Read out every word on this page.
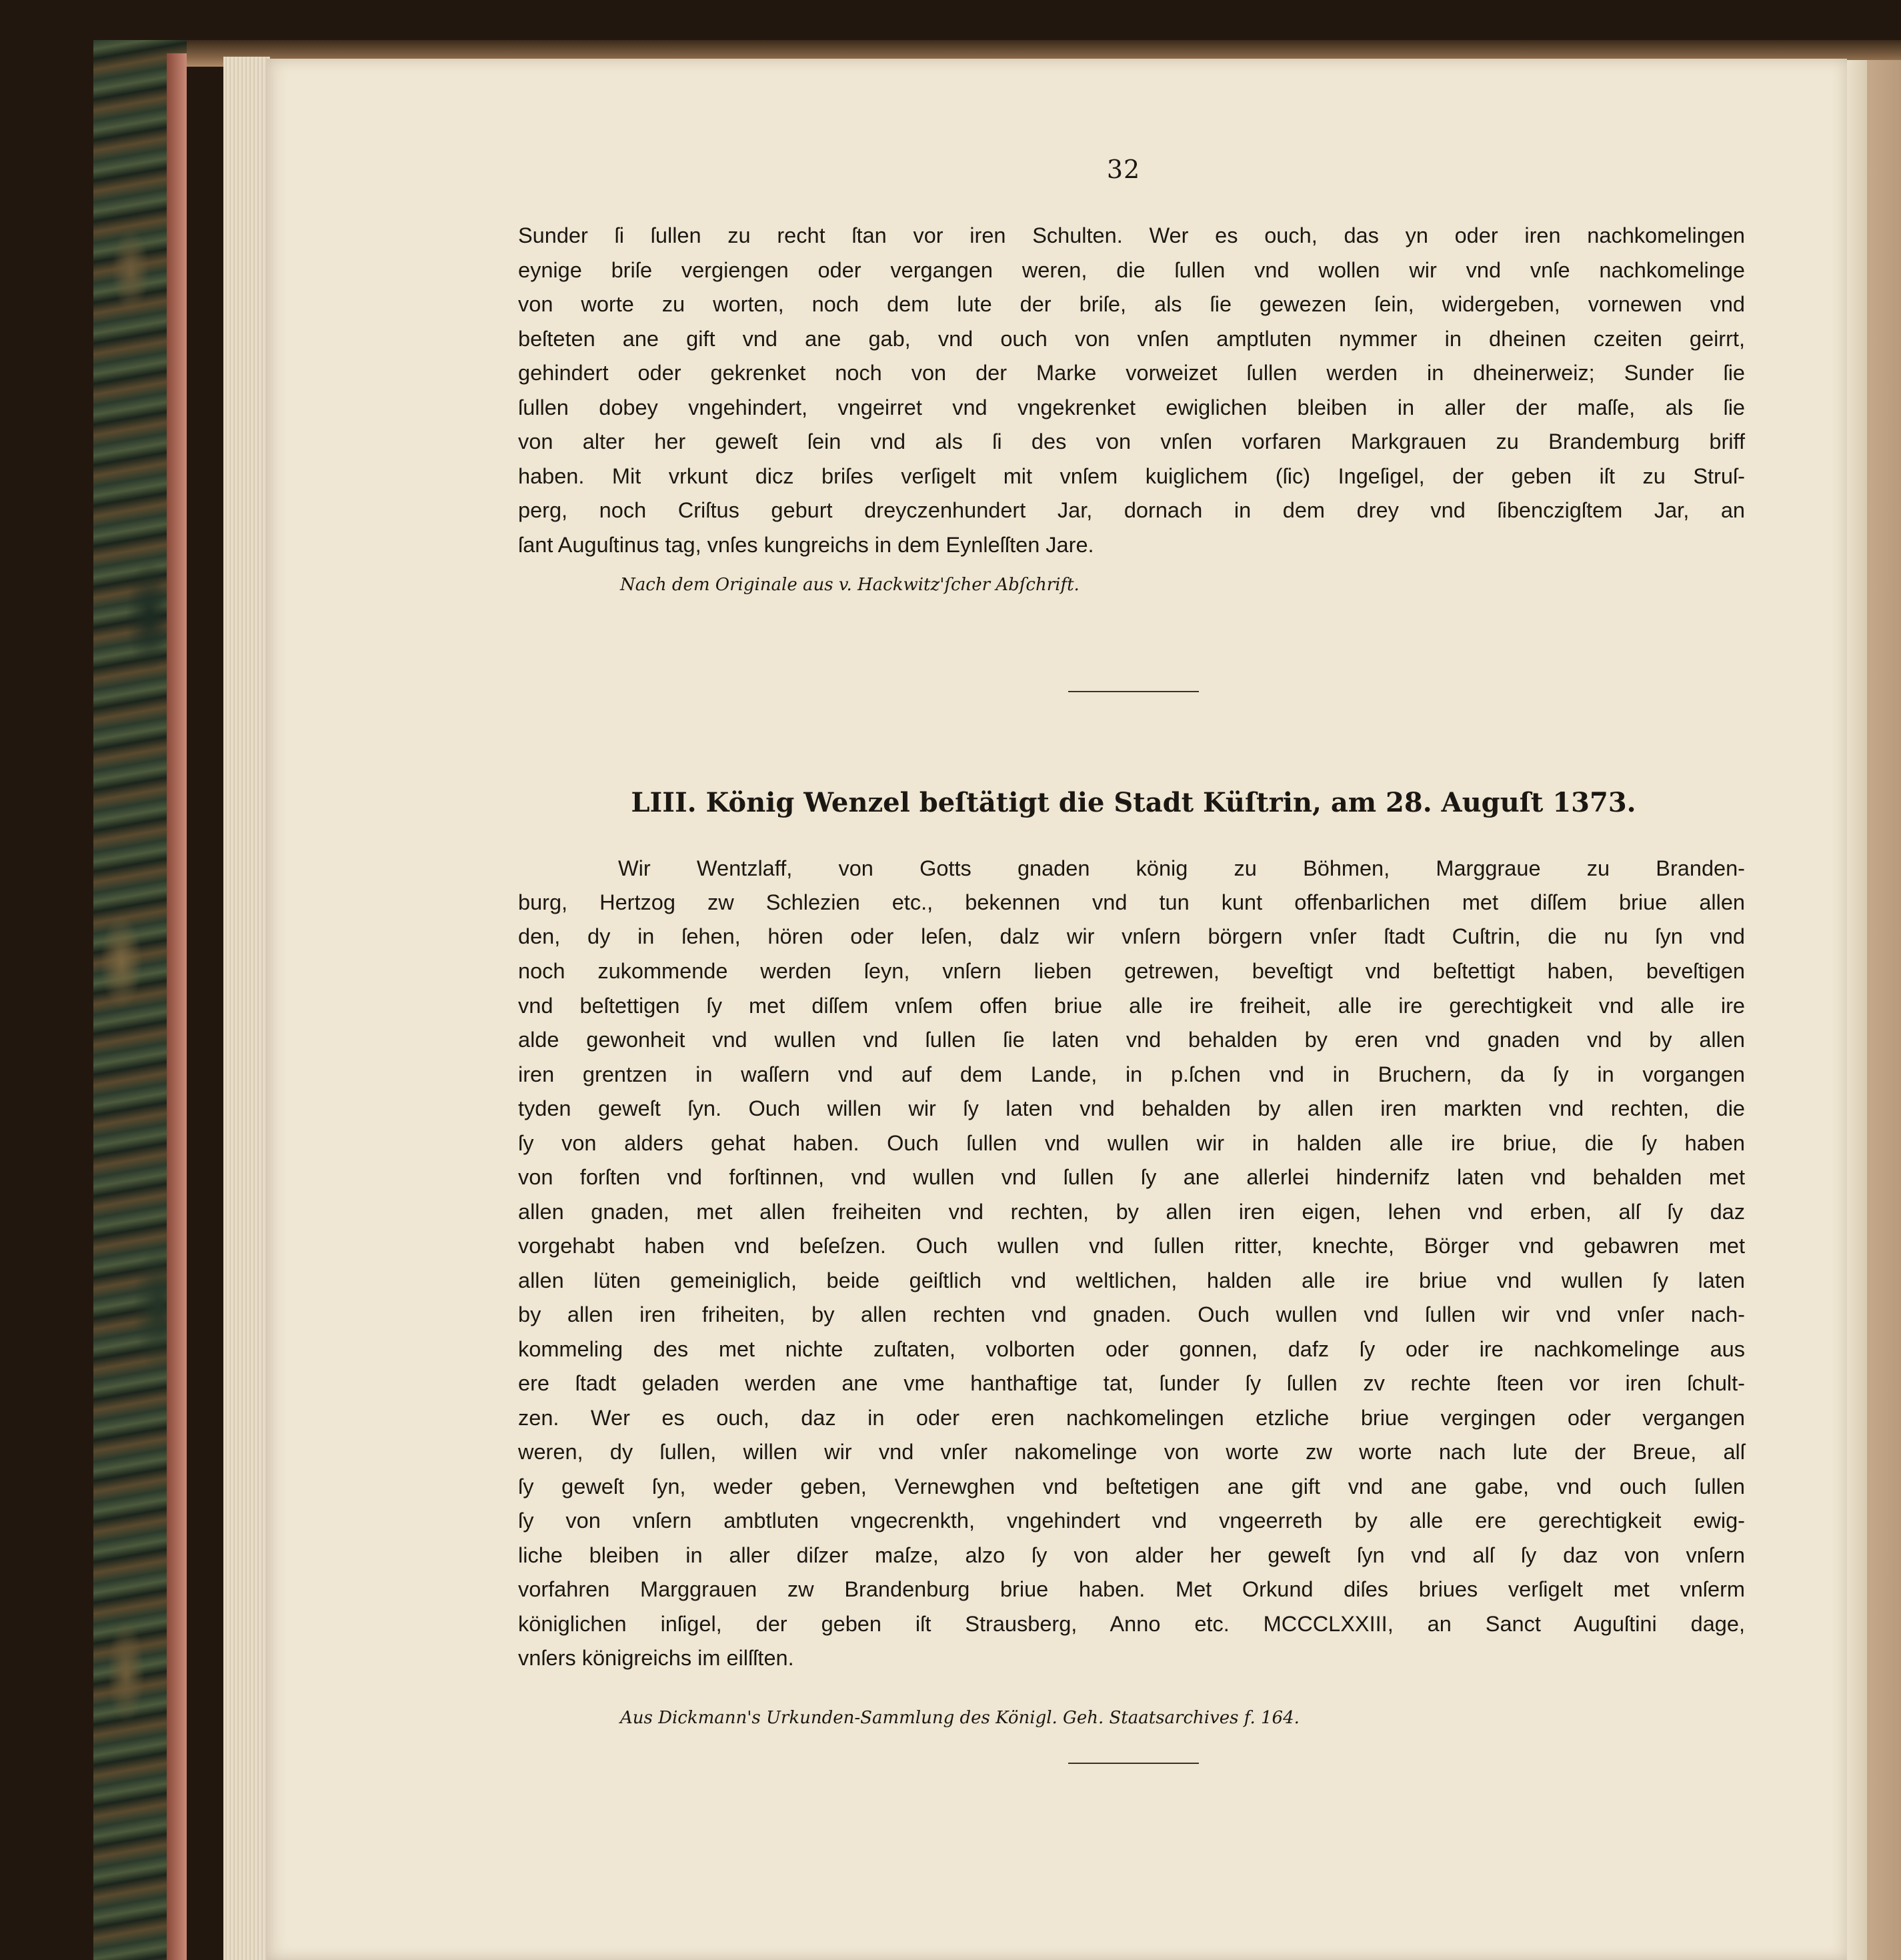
32
Sunder ſi ſullen zu recht ſtan vor iren Schulten. Wer es ouch, das yn oder iren nachkomelingen
eynige briſe vergiengen oder vergangen weren, die ſullen vnd wollen wir vnd vnſe nachkomelinge
von worte zu worten, noch dem lute der briſe, als ſie gewezen ſein, widergeben, vornewen vnd
beſteten ane gift vnd ane gab, vnd ouch von vnſen amptluten nymmer in dheinen czeiten geirrt,
gehindert oder gekrenket noch von der Marke vorweizet ſullen werden in dheinerweiz; Sunder ſie
ſullen dobey vngehindert, vngeirret vnd vngekrenket ewiglichen bleiben in aller der maſſe, als ſie
von alter her geweſt ſein vnd als ſi des von vnſen vorfaren Markgrauen zu Brandemburg briff
haben. Mit vrkunt dicz briſes verſigelt mit vnſem kuiglichem (ſic) Ingeſigel, der geben iſt zu Struſ-
perg, noch Criſtus geburt dreyczenhundert Jar, dornach in dem drey vnd ſibenczigſtem Jar, an
ſant Auguſtinus tag, vnſes kungreichs in dem Eynleſſten Jare.
Nach dem Originale aus v. Hackwitz'ſcher Abſchrift.
LIII. König Wenzel beſtätigt die Stadt Küſtrin, am 28. Auguſt 1373.
Wir Wentzlaff, von Gotts gnaden könig zu Böhmen, Marggraue zu Branden-
burg, Hertzog zw Schlezien etc., bekennen vnd tun kunt offenbarlichen met diſſem briue allen
den, dy in ſehen, hören oder leſen, dalz wir vnſern börgern vnſer ſtadt Cuſtrin, die nu ſyn vnd
noch zukommende werden ſeyn, vnſern lieben getrewen, beveſtigt vnd beſtettigt haben, beveſtigen
vnd beſtettigen ſy met diſſem vnſem offen briue alle ire freiheit, alle ire gerechtigkeit vnd alle ire
alde gewonheit vnd wullen vnd ſullen ſie laten vnd behalden by eren vnd gnaden vnd by allen
iren grentzen in waſſern vnd auf dem Lande, in p.ſchen vnd in Bruchern, da ſy in vorgangen
tyden geweſt ſyn. Ouch willen wir ſy laten vnd behalden by allen iren markten vnd rechten, die
ſy von alders gehat haben. Ouch ſullen vnd wullen wir in halden alle ire briue, die ſy haben
von forſten vnd forſtinnen, vnd wullen vnd ſullen ſy ane allerlei hindernifz laten vnd behalden met
allen gnaden, met allen freiheiten vnd rechten, by allen iren eigen, lehen vnd erben, alſ ſy daz
vorgehabt haben vnd beſeſzen. Ouch wullen vnd ſullen ritter, knechte, Börger vnd gebawren met
allen lüten gemeiniglich, beide geiſtlich vnd weltlichen, halden alle ire briue vnd wullen ſy laten
by allen iren friheiten, by allen rechten vnd gnaden. Ouch wullen vnd ſullen wir vnd vnſer nach-
kommeling des met nichte zuſtaten, volborten oder gonnen, dafz ſy oder ire nachkomelinge aus
ere ſtadt geladen werden ane vme hanthaftige tat, ſunder ſy ſullen zv rechte ſteen vor iren ſchult-
zen. Wer es ouch, daz in oder eren nachkomelingen etzliche briue vergingen oder vergangen
weren, dy ſullen, willen wir vnd vnſer nakomelinge von worte zw worte nach lute der Breue, alſ
ſy geweſt ſyn, weder geben, Vernewghen vnd beſtetigen ane gift vnd ane gabe, vnd ouch ſullen
ſy von vnſern ambtluten vngecrenkth, vngehindert vnd vngeerreth by alle ere gerechtigkeit ewig-
liche bleiben in aller diſzer maſze, alzo ſy von alder her geweſt ſyn vnd alſ ſy daz von vnſern
vorfahren Marggrauen zw Brandenburg briue haben. Met Orkund diſes briues verſigelt met vnſerm
königlichen inſigel, der geben iſt Strausberg, Anno etc. MCCCLXXIII, an Sanct Auguſtini dage,
vnſers königreichs im eilſſten.
Aus Dickmann's Urkunden-Sammlung des Königl. Geh. Staatsarchives f. 164.
